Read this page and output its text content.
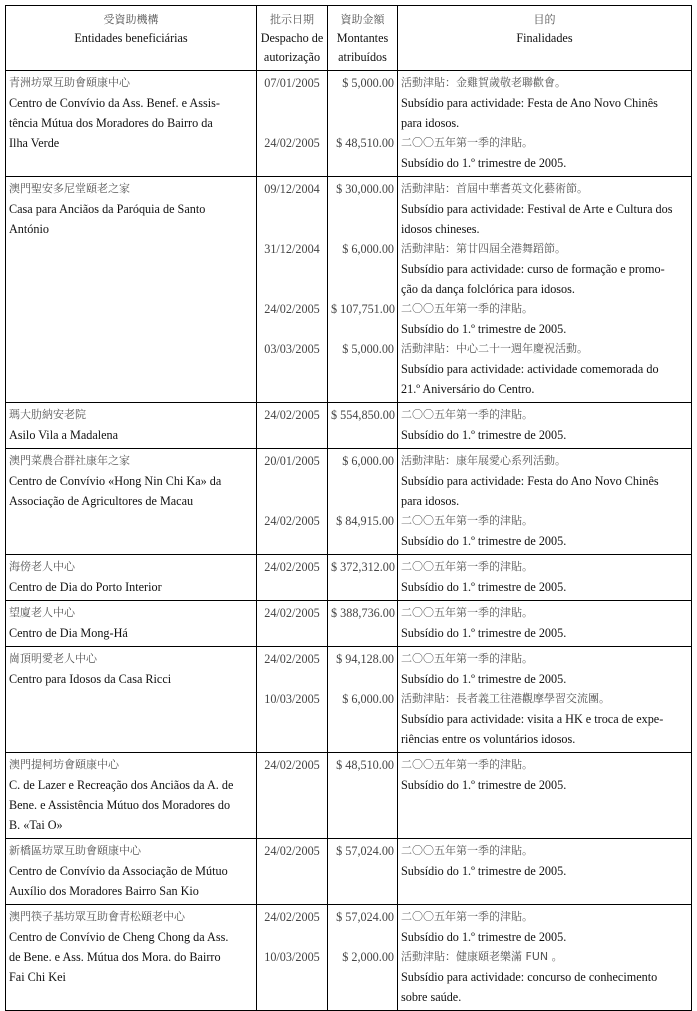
受資助機構
Entidades beneficiárias
批示日期
Despacho de
autorização
資助金額
Montantes
atribuídos
目的
Finalidades
青洲坊眾互助會頤康中心
Centro de Convívio da Ass. Benef. e Assis-
tência Mútua dos Moradores do Bairro da
Ilha Verde
07/01/2005
24/02/2005
$ 5,000.00
$ 48,510.00
活動津貼：金雞賀歲敬老聯歡會。
Subsídio para actividade: Festa de Ano Novo Chinês
para idosos.
二〇〇五年第一季的津貼。
Subsídio do 1.º trimestre de 2005.
澳門聖安多尼堂頤老之家
Casa para Anciãos da Paróquia de Santo
António
09/12/2004
31/12/2004
24/02/2005
03/03/2005
$ 30,000.00
$ 6,000.00
$ 107,751.00
$ 5,000.00
活動津貼：首屆中華耆英文化藝術節。
Subsídio para actividade: Festival de Arte e Cultura dos
idosos chineses.
活動津貼：第廿四屆全港舞蹈節。
Subsídio para actividade: curso de formação e promo-
ção da dança folclórica para idosos.
二〇〇五年第一季的津貼。
Subsídio do 1.º trimestre de 2005.
活動津貼：中心二十一週年慶祝活動。
Subsídio para actividade: actividade comemorada do
21.º Aniversário do Centro.
瑪大肋納安老院
Asilo Vila a Madalena
24/02/2005 $ 554,850.00 二〇〇五年第一季的津貼。
Subsídio do 1.º trimestre de 2005.
澳門菜農合群社康年之家
Centro de Convívio «Hong Nin Chi Ka» da
Associação de Agricultores de Macau
20/01/2005
24/02/2005
$ 6,000.00
$ 84,915.00
活動津貼：康年展愛心系列活動。
Subsídio para actividade: Festa do Ano Novo Chinês
para idosos.
二〇〇五年第一季的津貼。
Subsídio do 1.º trimestre de 2005.
海傍老人中心
Centro de Dia do Porto Interior
24/02/2005 $ 372,312.00 二〇〇五年第一季的津貼。
Subsídio do 1.º trimestre de 2005.
望廈老人中心
Centro de Dia Mong-Há
24/02/2005 $ 388,736.00 二〇〇五年第一季的津貼。
Subsídio do 1.º trimestre de 2005.
崗頂明愛老人中心
Centro para Idosos da Casa Ricci
24/02/2005
10/03/2005
$ 94,128.00
$ 6,000.00
二〇〇五年第一季的津貼。
Subsídio do 1.º trimestre de 2005.
活動津貼：長者義工往港觀摩學習交流團。
Subsídio para actividade: visita a HK e troca de expe-
riências entre os voluntários idosos.
澳門提柯坊會頤康中心
C. de Lazer e Recreação dos Anciãos da A. de
Bene. e Assistência Mútuo dos Moradores do
B. «Tai O»
24/02/2005	$ 48,510.00 二〇〇五年第一季的津貼。
Subsídio do 1.º trimestre de 2005.
新橋區坊眾互助會頤康中心
Centro de Convívio da Associação de Mútuo
Auxílio dos Moradores Bairro San Kio
24/02/2005	$ 57,024.00 二〇〇五年第一季的津貼。
Subsídio do 1.º trimestre de 2005.
澳門筷子基坊眾互助會青松頤老中心
Centro de Convívio de Cheng Chong da Ass.
de Bene. e Ass. Mútua dos Mora. do Bairro
Fai Chi Kei
24/02/2005
10/03/2005
$ 57,024.00
$ 2,000.00
二〇〇五年第一季的津貼。
Subsídio do 1.º trimestre de 2005.
活動津貼：健康頤老樂滿 FUN 。
Subsídio para actividade: concurso de conhecimento
sobre saúde.
